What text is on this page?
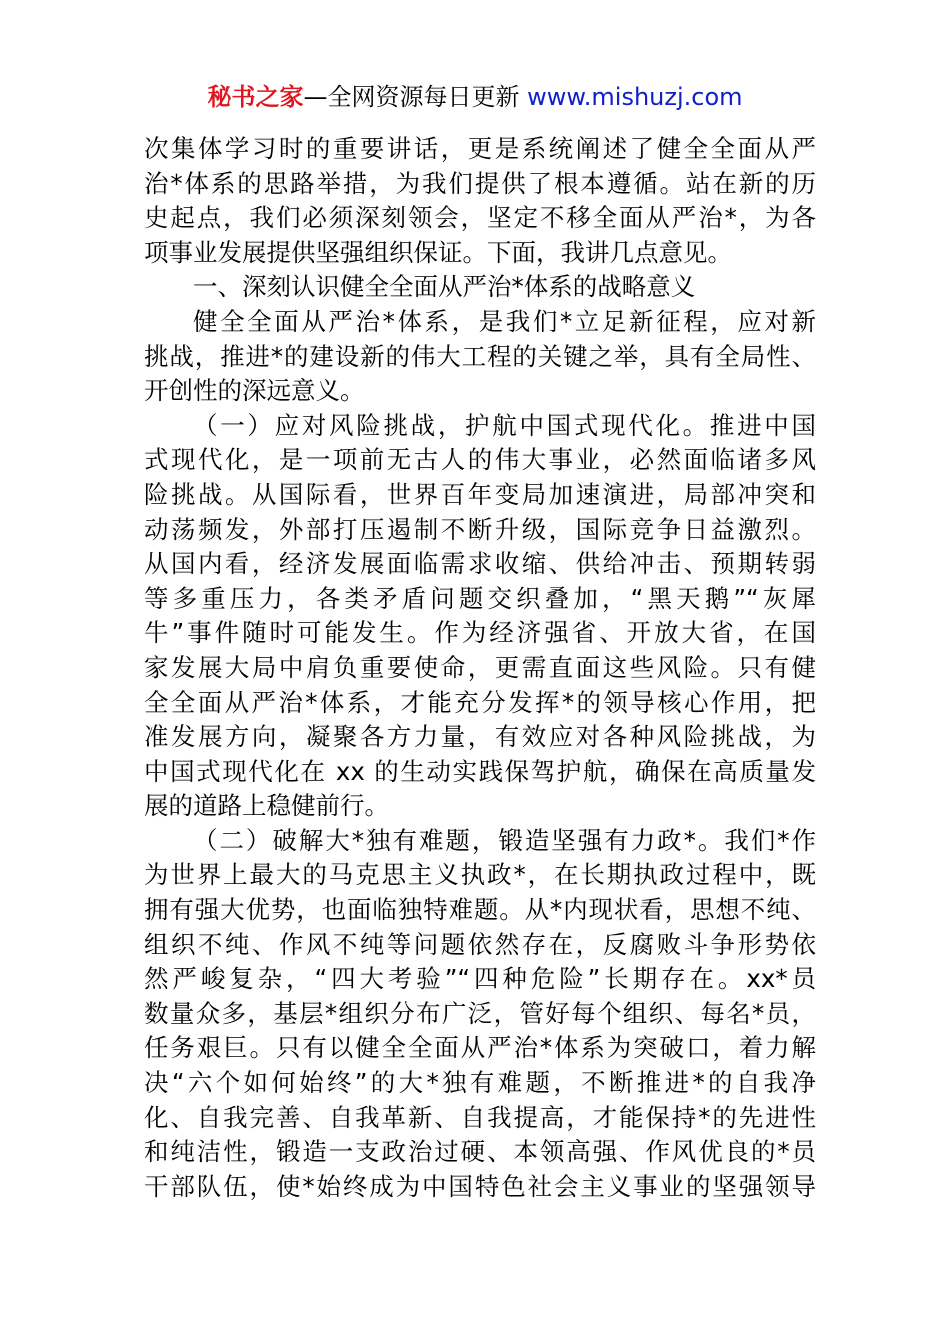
秘书之家—全网资源每日更新 www.mishuzj.com
次集体学习时的重要讲话，更是系统阐述了健全全面从严
治*体系的思路举措，为我们提供了根本遵循。站在新的历
史起点，我们必须深刻领会，坚定不移全面从严治*，为各
项事业发展提供坚强组织保证。下面，我讲几点意见。
一、深刻认识健全全面从严治*体系的战略意义
健全全面从严治*体系，是我们*立足新征程，应对新
挑战，推进*的建设新的伟大工程的关键之举，具有全局性、
开创性的深远意义。
（一）应对风险挑战，护航中国式现代化。推进中国
式现代化，是一项前无古人的伟大事业，必然面临诸多风
险挑战。从国际看，世界百年变局加速演进，局部冲突和
动荡频发，外部打压遏制不断升级，国际竞争日益激烈。
从国内看，经济发展面临需求收缩、供给冲击、预期转弱
等多重压力，各类矛盾问题交织叠加，“黑天鹅”“灰犀
牛”事件随时可能发生。作为经济强省、开放大省，在国
家发展大局中肩负重要使命，更需直面这些风险。只有健
全全面从严治*体系，才能充分发挥*的领导核心作用，把
准发展方向，凝聚各方力量，有效应对各种风险挑战，为
中国式现代化在 xx 的生动实践保驾护航，确保在高质量发
展的道路上稳健前行。
（二）破解大*独有难题，锻造坚强有力政*。我们*作
为世界上最大的马克思主义执政*，在长期执政过程中，既
拥有强大优势，也面临独特难题。从*内现状看，思想不纯、
组织不纯、作风不纯等问题依然存在，反腐败斗争形势依
然严峻复杂，“四大考验”“四种危险”长期存在。xx*员
数量众多，基层*组织分布广泛，管好每个组织、每名*员，
任务艰巨。只有以健全全面从严治*体系为突破口，着力解
决“六个如何始终”的大*独有难题，不断推进*的自我净
化、自我完善、自我革新、自我提高，才能保持*的先进性
和纯洁性，锻造一支政治过硬、本领高强、作风优良的*员
干部队伍，使*始终成为中国特色社会主义事业的坚强领导
